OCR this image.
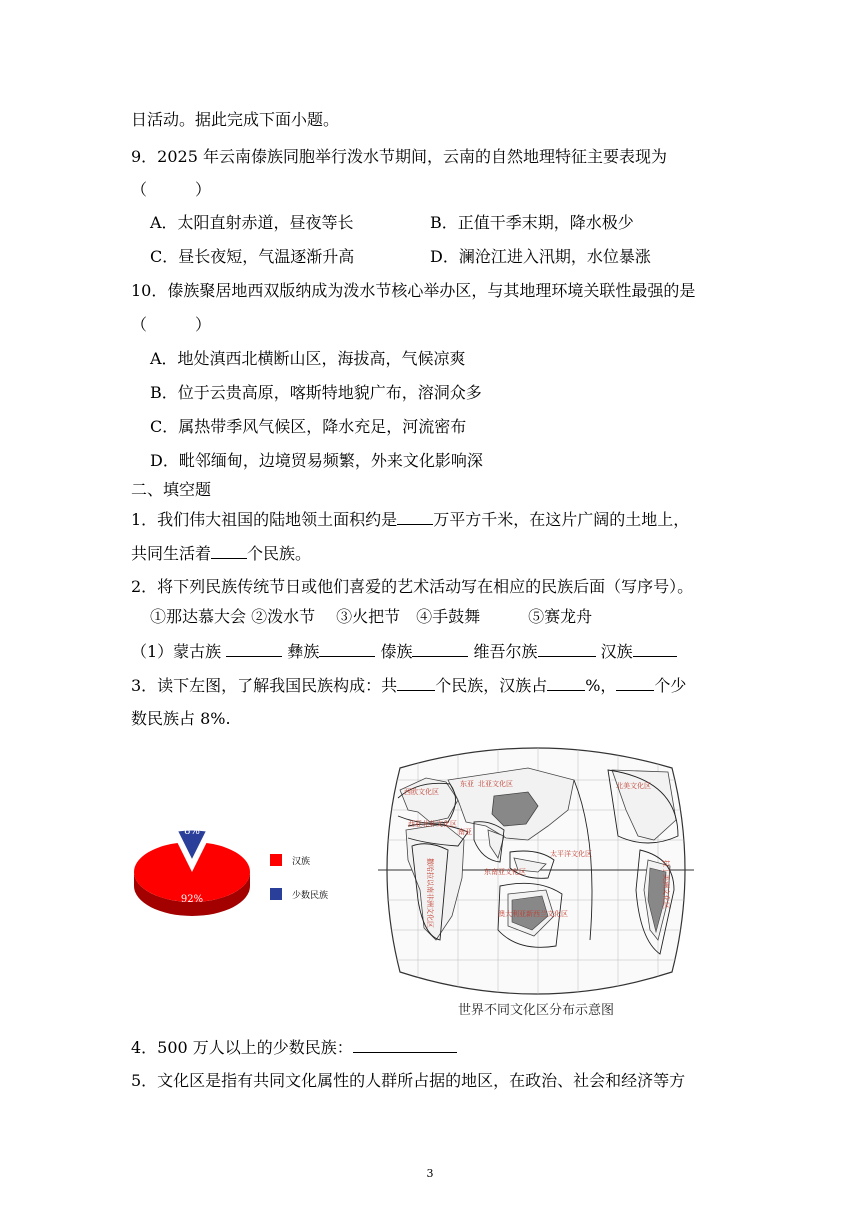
日活动。据此完成下面小题。
9．2025 年云南傣族同胞举行泼水节期间，云南的自然地理特征主要表现为
（　　　）
A．太阳直射赤道，昼夜等长	B．正值干季末期，降水极少
C．昼长夜短，气温逐渐升高	D．澜沧江进入汛期，水位暴涨
10．傣族聚居地西双版纳成为泼水节核心举办区，与其地理环境关联性最强的是
（　　　）
A．地处滇西北横断山区，海拔高，气候凉爽
B．位于云贵高原，喀斯特地貌广布，溶洞众多
C．属热带季风气候区，降水充足，河流密布
D．毗邻缅甸，边境贸易频繁，外来文化影响深
二、填空题
1．我们伟大祖国的陆地领土面积约是 万平方千米，在这片广阔的土地上，
共同生活着 个民族。
2．将下列民族传统节日或他们喜爱的艺术活动写在相应的民族后面（写序号）。
①那达慕大会 ②泼水节　 ③火把节　④手鼓舞　　　⑤赛龙舟
（1）蒙古族	彝族	傣族	维吾尔族	汉族
3．读下左图，了解我国民族构成：共 个民族，汉族占 %， 个少
数民族占 8%.
92%
8%
汉族
少数民族
西欧文化区
东亚 北亚文化区	北美文化区
西亚北非文化区
太平洋文化区
东南亚文化区
南亚
澳大利亚新西兰文化区
撒哈拉以南非洲文化区	拉丁美洲文化区
世界不同文化区分布示意图
4．500 万人以上的少数民族：
5．文化区是指有共同文化属性的人群所占据的地区，在政治、社会和经济等方
3
